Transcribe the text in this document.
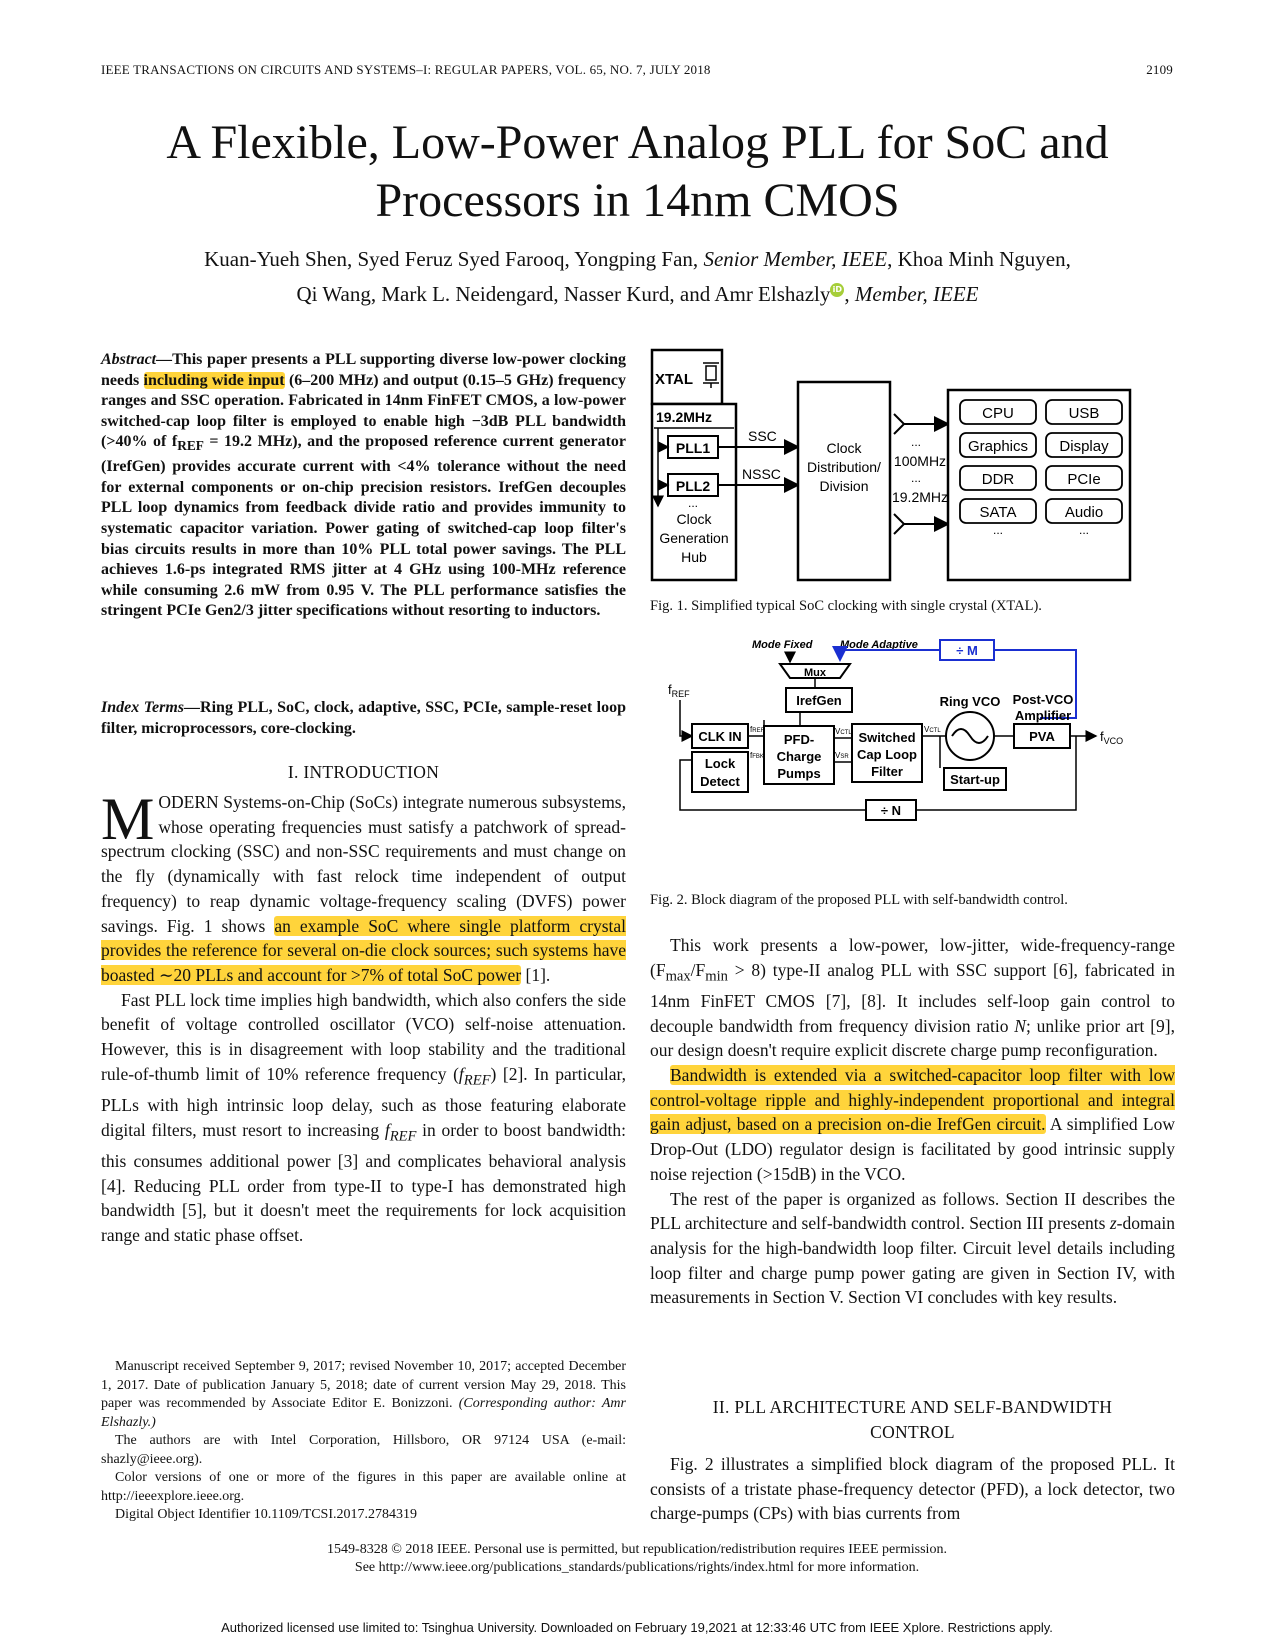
IEEE TRANSACTIONS ON CIRCUITS AND SYSTEMS–I: REGULAR PAPERS, VOL. 65, NO. 7, JULY 2018	2109
A Flexible, Low-Power Analog PLL for SoC and
Processors in 14nm CMOS
Kuan-Yueh Shen, Syed Feruz Syed Farooq, Yongping Fan, Senior Member, IEEE, Khoa Minh Nguyen,
Qi Wang, Mark L. Neidengard, Nasser Kurd, and Amr Elshazly iD , Member, IEEE
Abstract—This paper presents a PLL supporting diverse low-power clocking needs including wide input (6–200 MHz) and output (0.15–5 GHz) frequency ranges and SSC operation. Fabricated in 14nm FinFET CMOS, a low-power switched-cap loop filter is employed to enable high −3dB PLL bandwidth (>40% of $f_{REF} = 19.2$ MHz), and the proposed reference current generator (IrefGen) provides accurate current with <4% tolerance without the need for external components or on-chip precision resistors. IrefGen decouples PLL loop dynamics from feedback divide ratio and provides immunity to systematic capacitor variation. Power gating of switched-cap loop filter's bias circuits results in more than 10% PLL total power savings. The PLL achieves 1.6-ps integrated RMS jitter at 4 GHz using 100-MHz reference while consuming 2.6 mW from 0.95 V. The PLL performance satisfies the stringent PCIe Gen2/3 jitter specifications without resorting to inductors.
Index Terms—Ring PLL, SoC, clock, adaptive, SSC, PCIe, sample-reset loop filter, microprocessors, core-clocking.
I. INTRODUCTION

MODERN Systems-on-Chip (SoCs) integrate numerous subsystems, whose operating frequencies must satisfy a patchwork of spread-spectrum clocking (SSC) and non-SSC requirements and must change on the fly (dynamically with fast relock time independent of output frequency) to reap dynamic voltage-frequency scaling (DVFS) power savings. Fig. 1 shows an example SoC where single platform crystal provides the reference for several on-die clock sources; such systems have boasted ∼20 PLLs and account for >7% of total SoC power [1].

Fast PLL lock time implies high bandwidth, which also confers the side benefit of voltage controlled oscillator (VCO) self-noise attenuation. However, this is in disagreement with loop stability and the traditional rule-of-thumb limit of 10% reference frequency $(f_{REF})$ [2]. In particular, PLLs with high intrinsic loop delay, such as those featuring elaborate digital filters, must resort to increasing $f_{REF}$ in order to boost bandwidth: this consumes additional power [3] and complicates behavioral analysis [4]. Reducing PLL order from type-II to type-I has demonstrated high bandwidth [5], but it doesn't meet the requirements for lock acquisition range and static phase offset.

Manuscript received September 9, 2017; revised November 10, 2017; accepted December 1, 2017. Date of publication January 5, 2018; date of current version May 29, 2018. This paper was recommended by Associate Editor E. Bonizzoni. (Corresponding author: Amr Elshazly.)

The authors are with Intel Corporation, Hillsboro, OR 97124 USA (e-mail: shazly@ieee.org).

Color versions of one or more of the figures in this paper are available online at http://ieeexplore.ieee.org.

Digital Object Identifier 10.1109/TCSI.2017.2784319

XTAL
19.2MHz
PLL1
PLL2
...
Clock
Generation
Hub
SSC
NSSC
Clock
Distribution/
Division
...
100MHz
...
19.2MHz
CPU	USB
Graphics Display
DDR	PCIe
SATA	Audio
...	...
Fig. 1. Simplified typical SoC clocking with single crystal (XTAL).
Mode Fixed Mode Adaptive	÷ M
Mux
IrefGen
$f_{REF}$
CLK IN
Lock
Detect
fREF
fFBK
PFD-
Charge
Pumps
VCTL
VSR
Switched
Cap Loop
Filter
VCTL
Ring VCO Post-VCO
Amplifier
PVA	$f_{VCO}$
Start-up
÷ N
Fig. 2. Block diagram of the proposed PLL with self-bandwidth control.

This work presents a low-power, low-jitter, wide-frequency-range $(F_{max}/F_{min} > 8)$ type-II analog PLL with SSC support [6], fabricated in 14nm FinFET CMOS [7], [8]. It includes self-loop gain control to decouple bandwidth from frequency division ratio N; unlike prior art [9], our design doesn't require explicit discrete charge pump reconfiguration.

Bandwidth is extended via a switched-capacitor loop filter with low control-voltage ripple and highly-independent proportional and integral gain adjust, based on a precision on-die IrefGen circuit. A simplified Low Drop-Out (LDO) regulator design is facilitated by good intrinsic supply noise rejection (>15dB) in the VCO.

The rest of the paper is organized as follows. Section II describes the PLL architecture and self-bandwidth control. Section III presents z-domain analysis for the high-bandwidth loop filter. Circuit level details including loop filter and charge pump power gating are given in Section IV, with measurements in Section V. Section VI concludes with key results.

II. PLL ARCHITECTURE AND SELF-BANDWIDTH
CONTROL

Fig. 2 illustrates a simplified block diagram of the proposed PLL. It consists of a tristate phase-frequency detector (PFD), a lock detector, two charge-pumps (CPs) with bias currents from

1549-8328 © 2018 IEEE. Personal use is permitted, but republication/redistribution requires IEEE permission.
See http://www.ieee.org/publications_standards/publications/rights/index.html for more information.
Authorized licensed use limited to: Tsinghua University. Downloaded on February 19,2021 at 12:33:46 UTC from IEEE Xplore. Restrictions apply.
